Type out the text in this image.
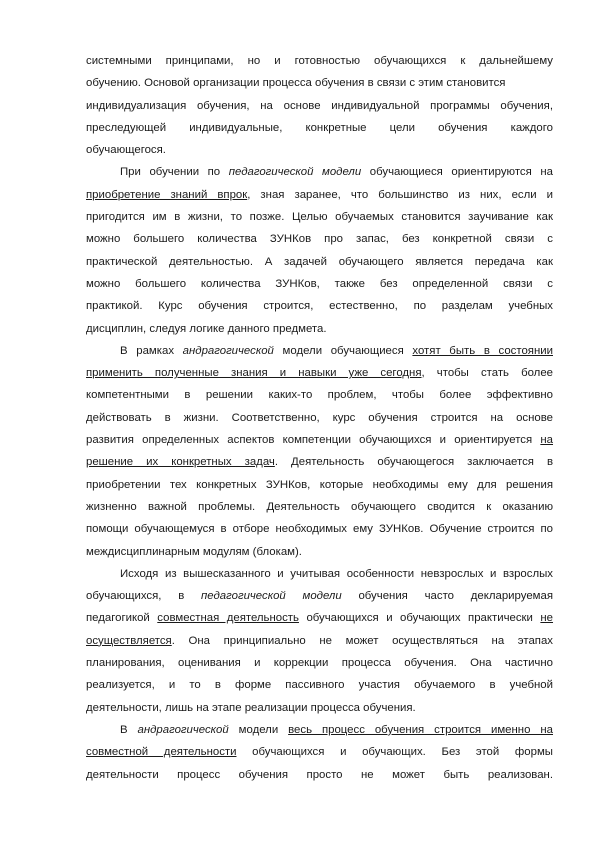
системными принципами, но и готовностью обучающихся к дальнейшему
обучению. Основой организации процесса обучения в связи с этим становится
индивидуализация обучения, на основе индивидуальной программы обучения,
преследующей индивидуальные, конкретные цели обучения каждого
обучающегося.
При обучении по педагогической модели обучающиеся ориентируются на
приобретение знаний впрок, зная заранее, что большинство из них, если и
пригодится им в жизни, то позже. Целью обучаемых становится заучивание как
можно большего количества ЗУНКов про запас, без конкретной связи с
практической деятельностью. А задачей обучающего является передача как
можно большего количества ЗУНКов, также без определенной связи с
практикой. Курс обучения строится, естественно, по разделам учебных
дисциплин, следуя логике данного предмета.
В рамках андрагогической модели обучающиеся хотят быть в состоянии
применить полученные знания и навыки уже сегодня, чтобы стать более
компетентными в решении каких-то проблем, чтобы более эффективно
действовать в жизни. Соответственно, курс обучения строится на основе
развития определенных аспектов компетенции обучающихся и ориентируется на
решение их конкретных задач. Деятельность обучающегося заключается в
приобретении тех конкретных ЗУНКов, которые необходимы ему для решения
жизненно важной проблемы. Деятельность обучающего сводится к оказанию
помощи обучающемуся в отборе необходимых ему ЗУНКов. Обучение строится по
междисциплинарным модулям (блокам).
Исходя из вышесказанного и учитывая особенности невзрослых и взрослых
обучающихся, в педагогической модели обучения часто декларируемая
педагогикой совместная деятельность обучающихся и обучающих практически не
осуществляется. Она принципиально не может осуществляться на этапах
планирования, оценивания и коррекции процесса обучения. Она частично
реализуется, и то в форме пассивного участия обучаемого в учебной
деятельности, лишь на этапе реализации процесса обучения.
В андрагогической модели весь процесс обучения строится именно на
совместной деятельности обучающихся и обучающих. Без этой формы
деятельности процесс обучения просто не может быть реализован.
